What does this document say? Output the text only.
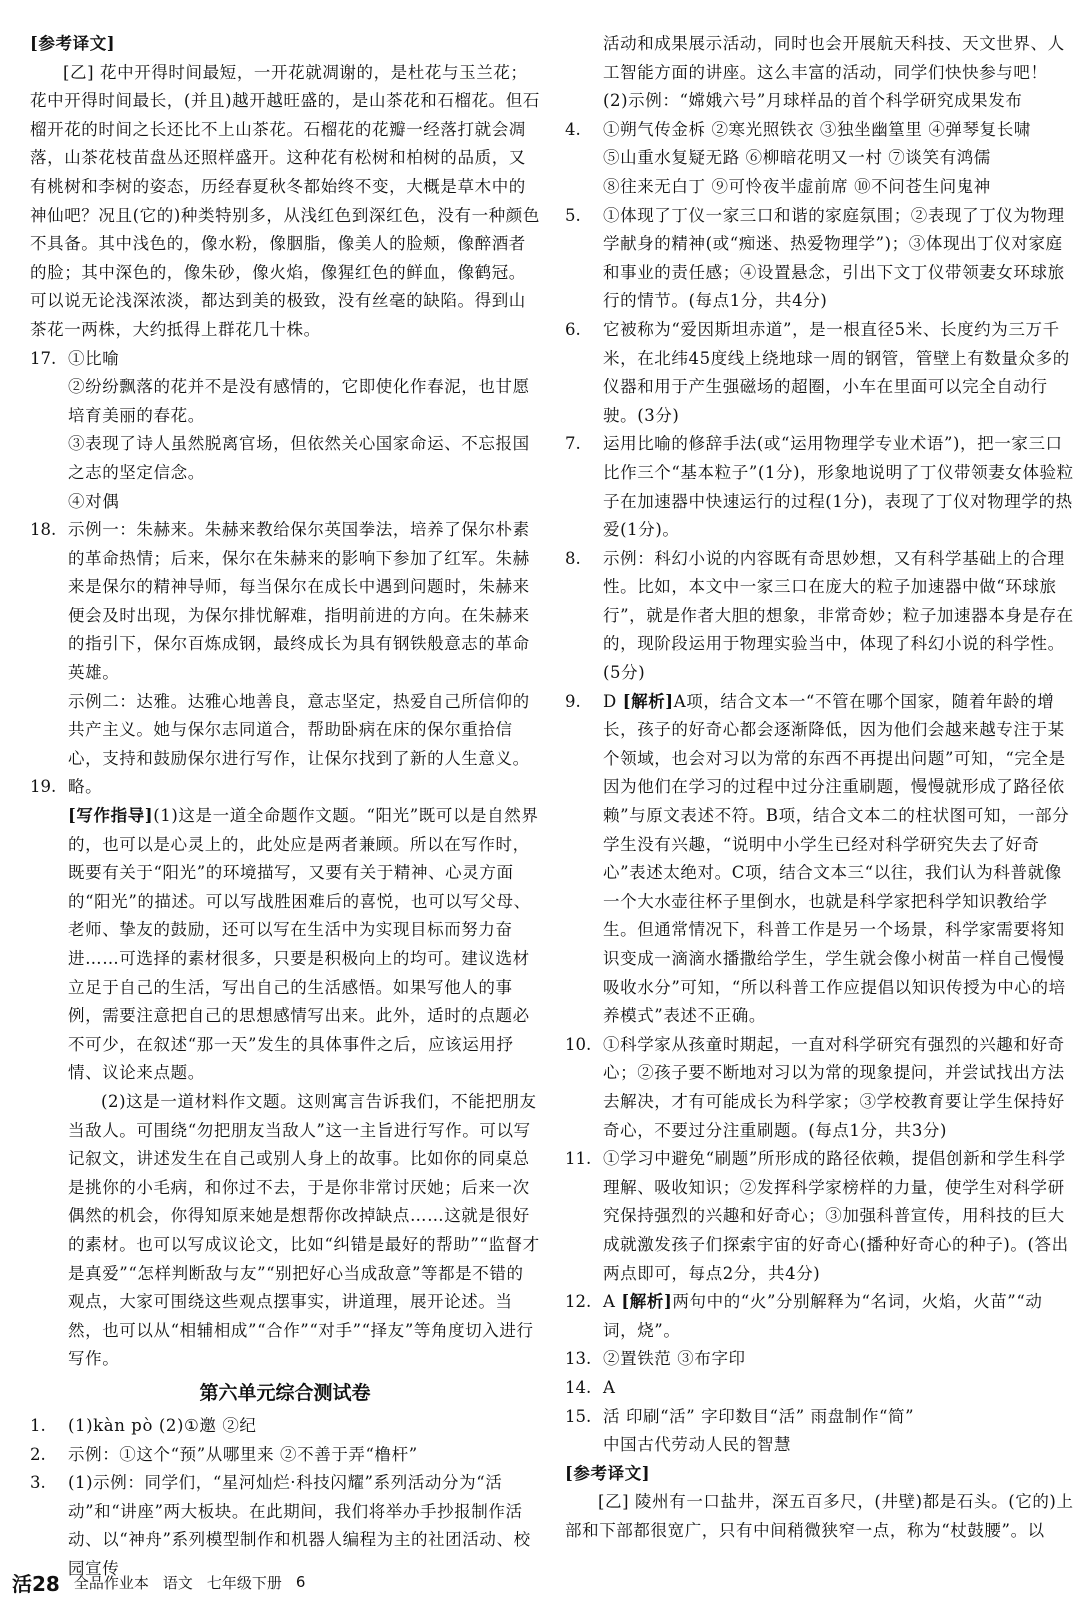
[参考译文]

[乙] 花中开得时间最短，一开花就凋谢的，是杜花与玉兰花；花中开得时间最长，(并且)越开越旺盛的，是山茶花和石榴花。但石榴开花的时间之长还比不上山茶花。石榴花的花瓣一经落打就会凋落，山茶花枝苗盘丛还照样盛开。这种花有松树和柏树的品质，又有桃树和李树的姿态，历经春夏秋冬都始终不变，大概是草木中的神仙吧？况且(它的)种类特别多，从浅红色到深红色，没有一种颜色不具备。其中浅色的，像水粉，像胭脂，像美人的脸颊，像醉酒者的脸；其中深色的，像朱砂，像火焰，像猩红色的鲜血，像鹤冠。可以说无论浅深浓淡，都达到美的极致，没有丝毫的缺陷。得到山茶花一两株，大约抵得上群花几十株。

17. ①比喻

②纷纷飘落的花并不是没有感情的，它即使化作春泥，也甘愿培育美丽的春花。

③表现了诗人虽然脱离官场，但依然关心国家命运、不忘报国之志的坚定信念。

④对偶

18. 示例一：朱赫来。朱赫来教给保尔英国拳法，培养了保尔朴素的革命热情；后来，保尔在朱赫来的影响下参加了红军。朱赫来是保尔的精神导师，每当保尔在成长中遇到问题时，朱赫来便会及时出现，为保尔排忧解难，指明前进的方向。在朱赫来的指引下，保尔百炼成钢，最终成长为具有钢铁般意志的革命英雄。

示例二：达雅。达雅心地善良，意志坚定，热爱自己所信仰的共产主义。她与保尔志同道合，帮助卧病在床的保尔重拾信心，支持和鼓励保尔进行写作，让保尔找到了新的人生意义。

19. 略。

[写作指导](1)这是一道全命题作文题。“阳光”既可以是自然界的，也可以是心灵上的，此处应是两者兼顾。所以在写作时，既要有关于“阳光”的环境描写，又要有关于精神、心灵方面的“阳光”的描述。可以写战胜困难后的喜悦，也可以写父母、老师、挚友的鼓励，还可以写在生活中为实现目标而努力奋进……可选择的素材很多，只要是积极向上的均可。建议选材立足于自己的生活，写出自己的生活感悟。如果写他人的事例，需要注意把自己的思想感情写出来。此外，适时的点题必不可少，在叙述“那一天”发生的具体事件之后，应该运用抒情、议论来点题。

(2)这是一道材料作文题。这则寓言告诉我们，不能把朋友当敌人。可围绕“勿把朋友当敌人”这一主旨进行写作。可以写记叙文，讲述发生在自己或别人身上的故事。比如你的同桌总是挑你的小毛病，和你过不去，于是你非常讨厌她；后来一次偶然的机会，你得知原来她是想帮你改掉缺点……这就是很好的素材。也可以写成议论文，比如“纠错是最好的帮助”“监督才是真爱”“怎样判断敌与友”“别把好心当成敌意”等都是不错的观点，大家可围绕这些观点摆事实，讲道理，展开论述。当然，也可以从“相辅相成”“合作”“对手”“择友”等角度切入进行写作。

第六单元综合测试卷
1.	(1)kàn pò (2)①邀 ②纪

2.	示例：①这个“预”从哪里来 ②不善于弄“橹杆”

3.	(1)示例：同学们，“星河灿烂·科技闪耀”系列活动分为“活动”和“讲座”两大板块。在此期间，我们将举办手抄报制作活动、以“神舟”系列模型制作和机器人编程为主的社团活动、校园宣传

活动和成果展示活动，同时也会开展航天科技、天文世界、人工智能方面的讲座。这么丰富的活动，同学们快快参与吧！

(2)示例：“嫦娥六号”月球样品的首个科学研究成果发布

4.	①朔气传金柝 ②寒光照铁衣 ③独坐幽篁里 ④弹琴复长啸

⑤山重水复疑无路 ⑥柳暗花明又一村 ⑦谈笑有鸿儒

⑧往来无白丁 ⑨可怜夜半虚前席 ⑩不问苍生问鬼神

5.	①体现了丁仪一家三口和谐的家庭氛围；②表现了丁仪为物理学献身的精神(或“痴迷、热爱物理学”)；③体现出丁仪对家庭和事业的责任感；④设置悬念，引出下文丁仪带领妻女环球旅行的情节。(每点1分，共4分)

6.	它被称为“爱因斯坦赤道”，是一根直径5米、长度约为三万千米，在北纬45度线上绕地球一周的钢管，管壁上有数量众多的仪器和用于产生强磁场的超圈，小车在里面可以完全自动行驶。(3分)

7.	运用比喻的修辞手法(或“运用物理学专业术语”)，把一家三口比作三个“基本粒子”(1分)，形象地说明了丁仪带领妻女体验粒子在加速器中快速运行的过程(1分)，表现了丁仪对物理学的热爱(1分)。

8.	示例：科幻小说的内容既有奇思妙想，又有科学基础上的合理性。比如，本文中一家三口在庞大的粒子加速器中做“环球旅行”，就是作者大胆的想象，非常奇妙；粒子加速器本身是存在的，现阶段运用于物理实验当中，体现了科幻小说的科学性。(5分)

9.	D [解析]A项，结合文本一“不管在哪个国家，随着年龄的增长，孩子的好奇心都会逐渐降低，因为他们会越来越专注于某个领域，也会对习以为常的东西不再提出问题”可知，“完全是因为他们在学习的过程中过分注重刷题，慢慢就形成了路径依赖”与原文表述不符。B项，结合文本二的柱状图可知，一部分学生没有兴趣，“说明中小学生已经对科学研究失去了好奇心”表述太绝对。C项，结合文本三“以往，我们认为科普就像一个大水壶往杯子里倒水，也就是科学家把科学知识教给学生。但通常情况下，科普工作是另一个场景，科学家需要将知识变成一滴滴水播撒给学生，学生就会像小树苗一样自己慢慢吸收水分”可知，“所以科普工作应提倡以知识传授为中心的培养模式”表述不正确。

10. ①科学家从孩童时期起，一直对科学研究有强烈的兴趣和好奇心；②孩子要不断地对习以为常的现象提问，并尝试找出方法去解决，才有可能成长为科学家；③学校教育要让学生保持好奇心，不要过分注重刷题。(每点1分，共3分)

11. ①学习中避免“刷题”所形成的路径依赖，提倡创新和学生科学理解、吸收知识；②发挥科学家榜样的力量，使学生对科学研究保持强烈的兴趣和好奇心；③加强科普宣传，用科技的巨大成就激发孩子们探索宇宙的好奇心(播种好奇心的种子)。(答出两点即可，每点2分，共4分)

12. A [解析]两句中的“火”分别解释为“名词，火焰，火苗”“动词，烧”。

13. ②置铁范 ③布字印

14. A

15. 活 印刷“活” 字印数目“活” 雨盘制作“简”

中国古代劳动人民的智慧

[参考译文]

[乙] 陵州有一口盐井，深五百多尺，(井壁)都是石头。(它的)上部和下部都很宽广，只有中间稍微狭窄一点，称为“杖鼓腰”。以

活28 全品作业本 语文 七年级下册 6
